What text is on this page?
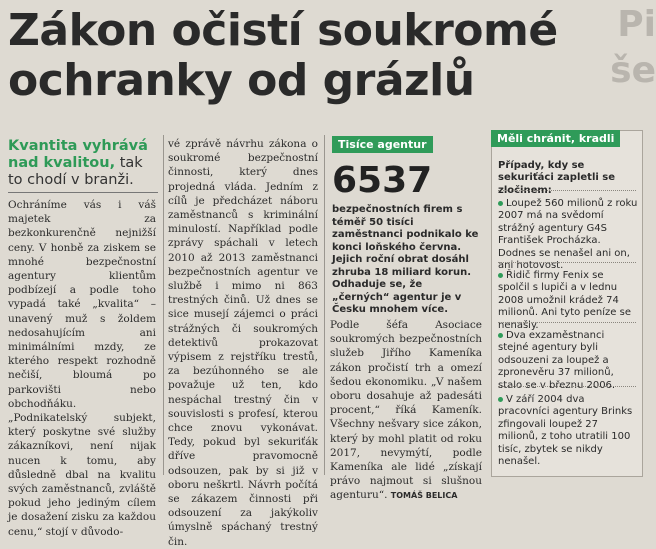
Zákon očistí soukromé
ochranky od grázlů
Pi
še
Kvantita vyhrává nad kvalitou, tak to chodí v branži.
Ochráníme vás i váš majetek za bezkonkurenčně nejnižší ceny. V honbě za ziskem se mnohé bezpečnostní agentury klientům podbízejí a podle toho vypadá také „kvalita“ – unavený muž s žoldem nedosahujícím ani minimálními mzdy, ze kterého respekt rozhodně nečiší, bloumá po parkovišti nebo obchodňáku. „Podnikatelský subjekt, který poskytne své služby zákazníkovi, není nijak nucen k tomu, aby důsledně dbal na kvalitu svých zaměstnanců, zvláště pokud jeho jediným cílem je dosažení zisku za každou cenu,“ stojí v důvodo-
vé zprávě návrhu zákona o soukromé bezpečnostní činnosti, který dnes projedná vláda. Jedním z cílů je předcházet náboru zaměstnanců s kriminální minulostí. Například podle zprávy spáchali v letech 2010 až 2013 zaměstnanci bezpečnostních agentur ve službě i mimo ni 863 trestných činů. Už dnes se sice musejí zájemci o práci strážných či soukromých detektivů prokazovat výpisem z rejstříku trestů, za bezúhonného se ale považuje už ten, kdo nespáchal trestný čin v souvislosti s profesí, kterou chce znovu vykonávat. Tedy, pokud byl sekuriťák dříve pravomocně odsouzen, pak by si již v oboru neškrtl. Návrh počítá se zákazem činnosti při odsouzení za jakýkoliv úmyslně spáchaný trestný čin.
Tisíce agentur
6537
bezpečnostních firem s téměř 50 tisíci zaměstnanci podnikalo ke konci loňského června. Jejich roční obrat dosáhl zhruba 18 miliard korun. Odhaduje se, že „černých“ agentur je v Česku mnohem více.
Podle šéfa Asociace soukromých bezpečnostních služeb Jiřího Kameníka zákon pročistí trh a omezí šedou ekonomiku. „V našem oboru dosahuje až padesáti procent,“ říká Kameník. Všechny nešvary sice zákon, který by mohl platit od roku 2017, nevymýtí, podle Kameníka ale lidé „získají právo najmout si slušnou agenturu“. TOMÁŠ BELICA
Měli chránit, kradli
Případy, kdy se sekuriťáci zapletli se zločinem:
Loupež 560 milionů z roku 2007 má na svědomí strážný agentury G4S František Procházka. Dodnes se nenašel ani on, ani hotovost.
Řidič firmy Fenix se spolčil s lupiči a v lednu 2008 umožnil krádež 74 milionů. Ani tyto peníze se nenašly.
Dva exzaměstnanci stejné agentury byli odsouzeni za loupež a zpronevěru 37 milionů, stalo se v březnu 2006.
V září 2004 dva pracovníci agentury Brinks zfingovali loupež 27 milionů, z toho utratili 100 tisíc, zbytek se nikdy nenašel.
